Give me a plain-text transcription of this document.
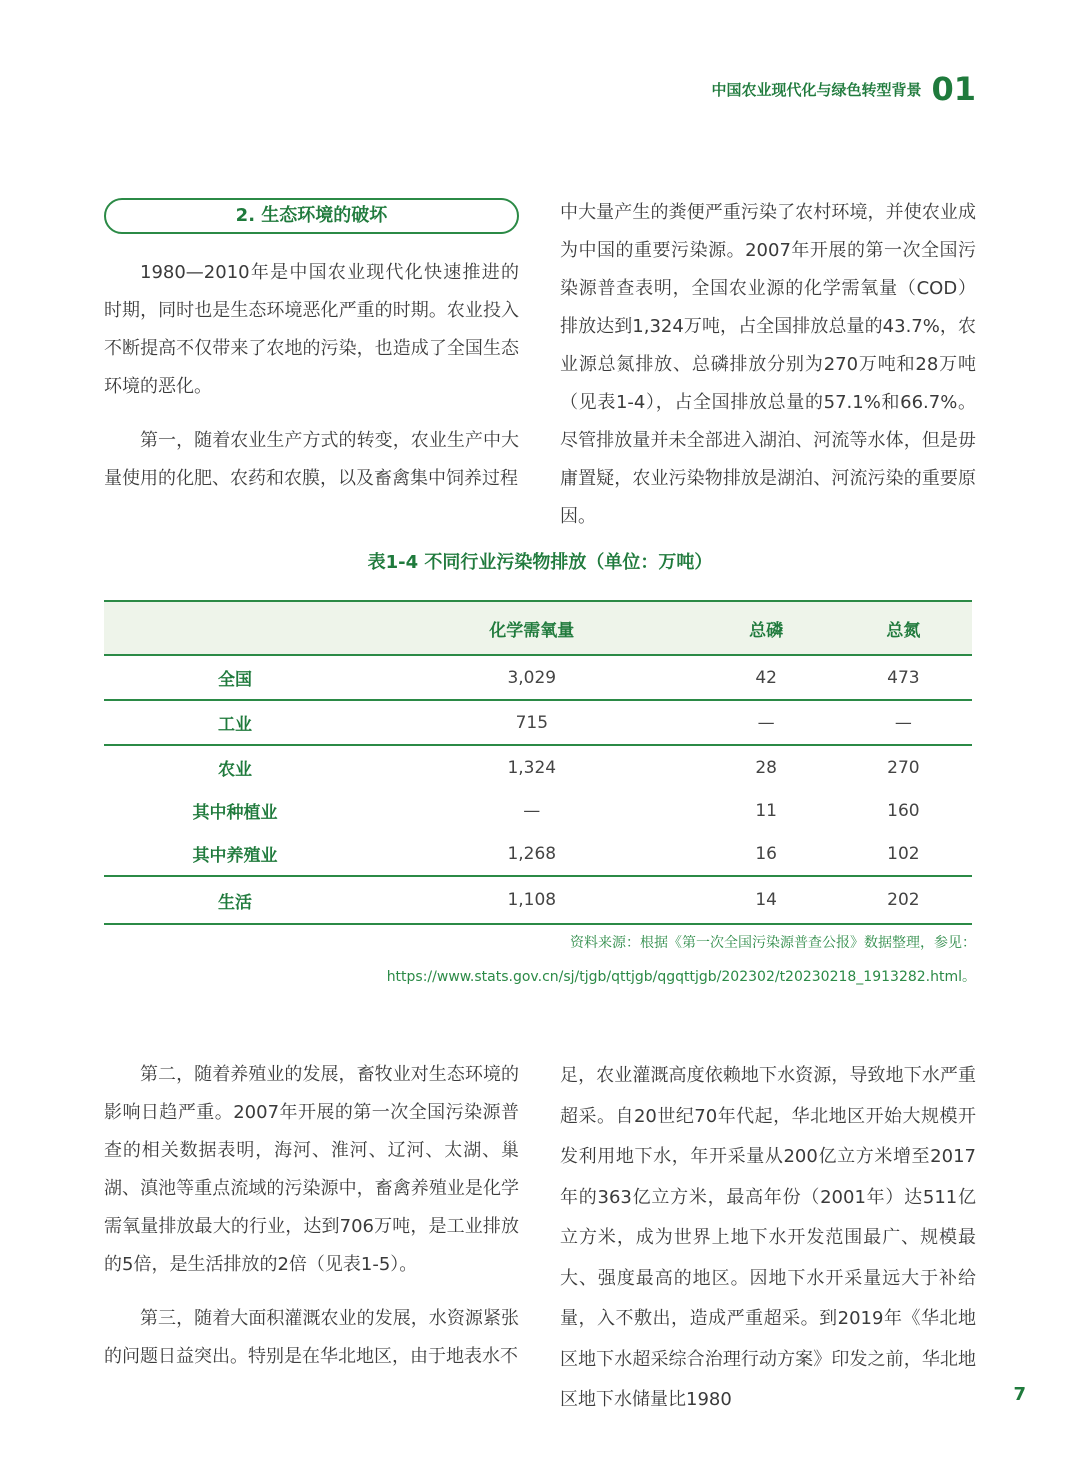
中国农业现代化与绿色转型背景 01
2. 生态环境的破坏

1980—2010年是中国农业现代化快速推进的时期，同时也是生态环境恶化严重的时期。农业投入不断提高不仅带来了农地的污染，也造成了全国生态环境的恶化。

第一，随着农业生产方式的转变，农业生产中大量使用的化肥、农药和农膜，以及畜禽集中饲养过程

中大量产生的粪便严重污染了农村环境，并使农业成为中国的重要污染源。2007年开展的第一次全国污染源普查表明，全国农业源的化学需氧量（COD）排放达到1,324万吨，占全国排放总量的43.7%，农业源总氮排放、总磷排放分别为270万吨和28万吨（见表1-4），占全国排放总量的57.1%和66.7%。尽管排放量并未全部进入湖泊、河流等水体，但是毋庸置疑，农业污染物排放是湖泊、河流污染的重要原因。

表1-4 不同行业污染物排放（单位：万吨）
	化学需氧量	总磷	总氮
全国	3,029	42	473
工业	715	—	—
农业	1,324	28	270
其中种植业	—	11	160
其中养殖业	1,268	16	102
生活	1,108	14	202
资料来源：根据《第一次全国污染源普查公报》数据整理，参见：
https://www.stats.gov.cn/sj/tjgb/qttjgb/qgqttjgb/202302/t20230218_1913282.html。

第二，随着养殖业的发展，畜牧业对生态环境的影响日趋严重。2007年开展的第一次全国污染源普查的相关数据表明，海河、淮河、辽河、太湖、巢湖、滇池等重点流域的污染源中，畜禽养殖业是化学需氧量排放最大的行业，达到706万吨，是工业排放的5倍，是生活排放的2倍（见表1-5）。

第三，随着大面积灌溉农业的发展，水资源紧张的问题日益突出。特别是在华北地区，由于地表水不

足，农业灌溉高度依赖地下水资源，导致地下水严重超采。自20世纪70年代起，华北地区开始大规模开发利用地下水，年开采量从200亿立方米增至2017年的363亿立方米，最高年份（2001年）达511亿立方米，成为世界上地下水开发范围最广、规模最大、强度最高的地区。因地下水开采量远大于补给量，入不敷出，造成严重超采。到2019年《华北地区地下水超采综合治理行动方案》印发之前，华北地区地下水储量比1980	7
